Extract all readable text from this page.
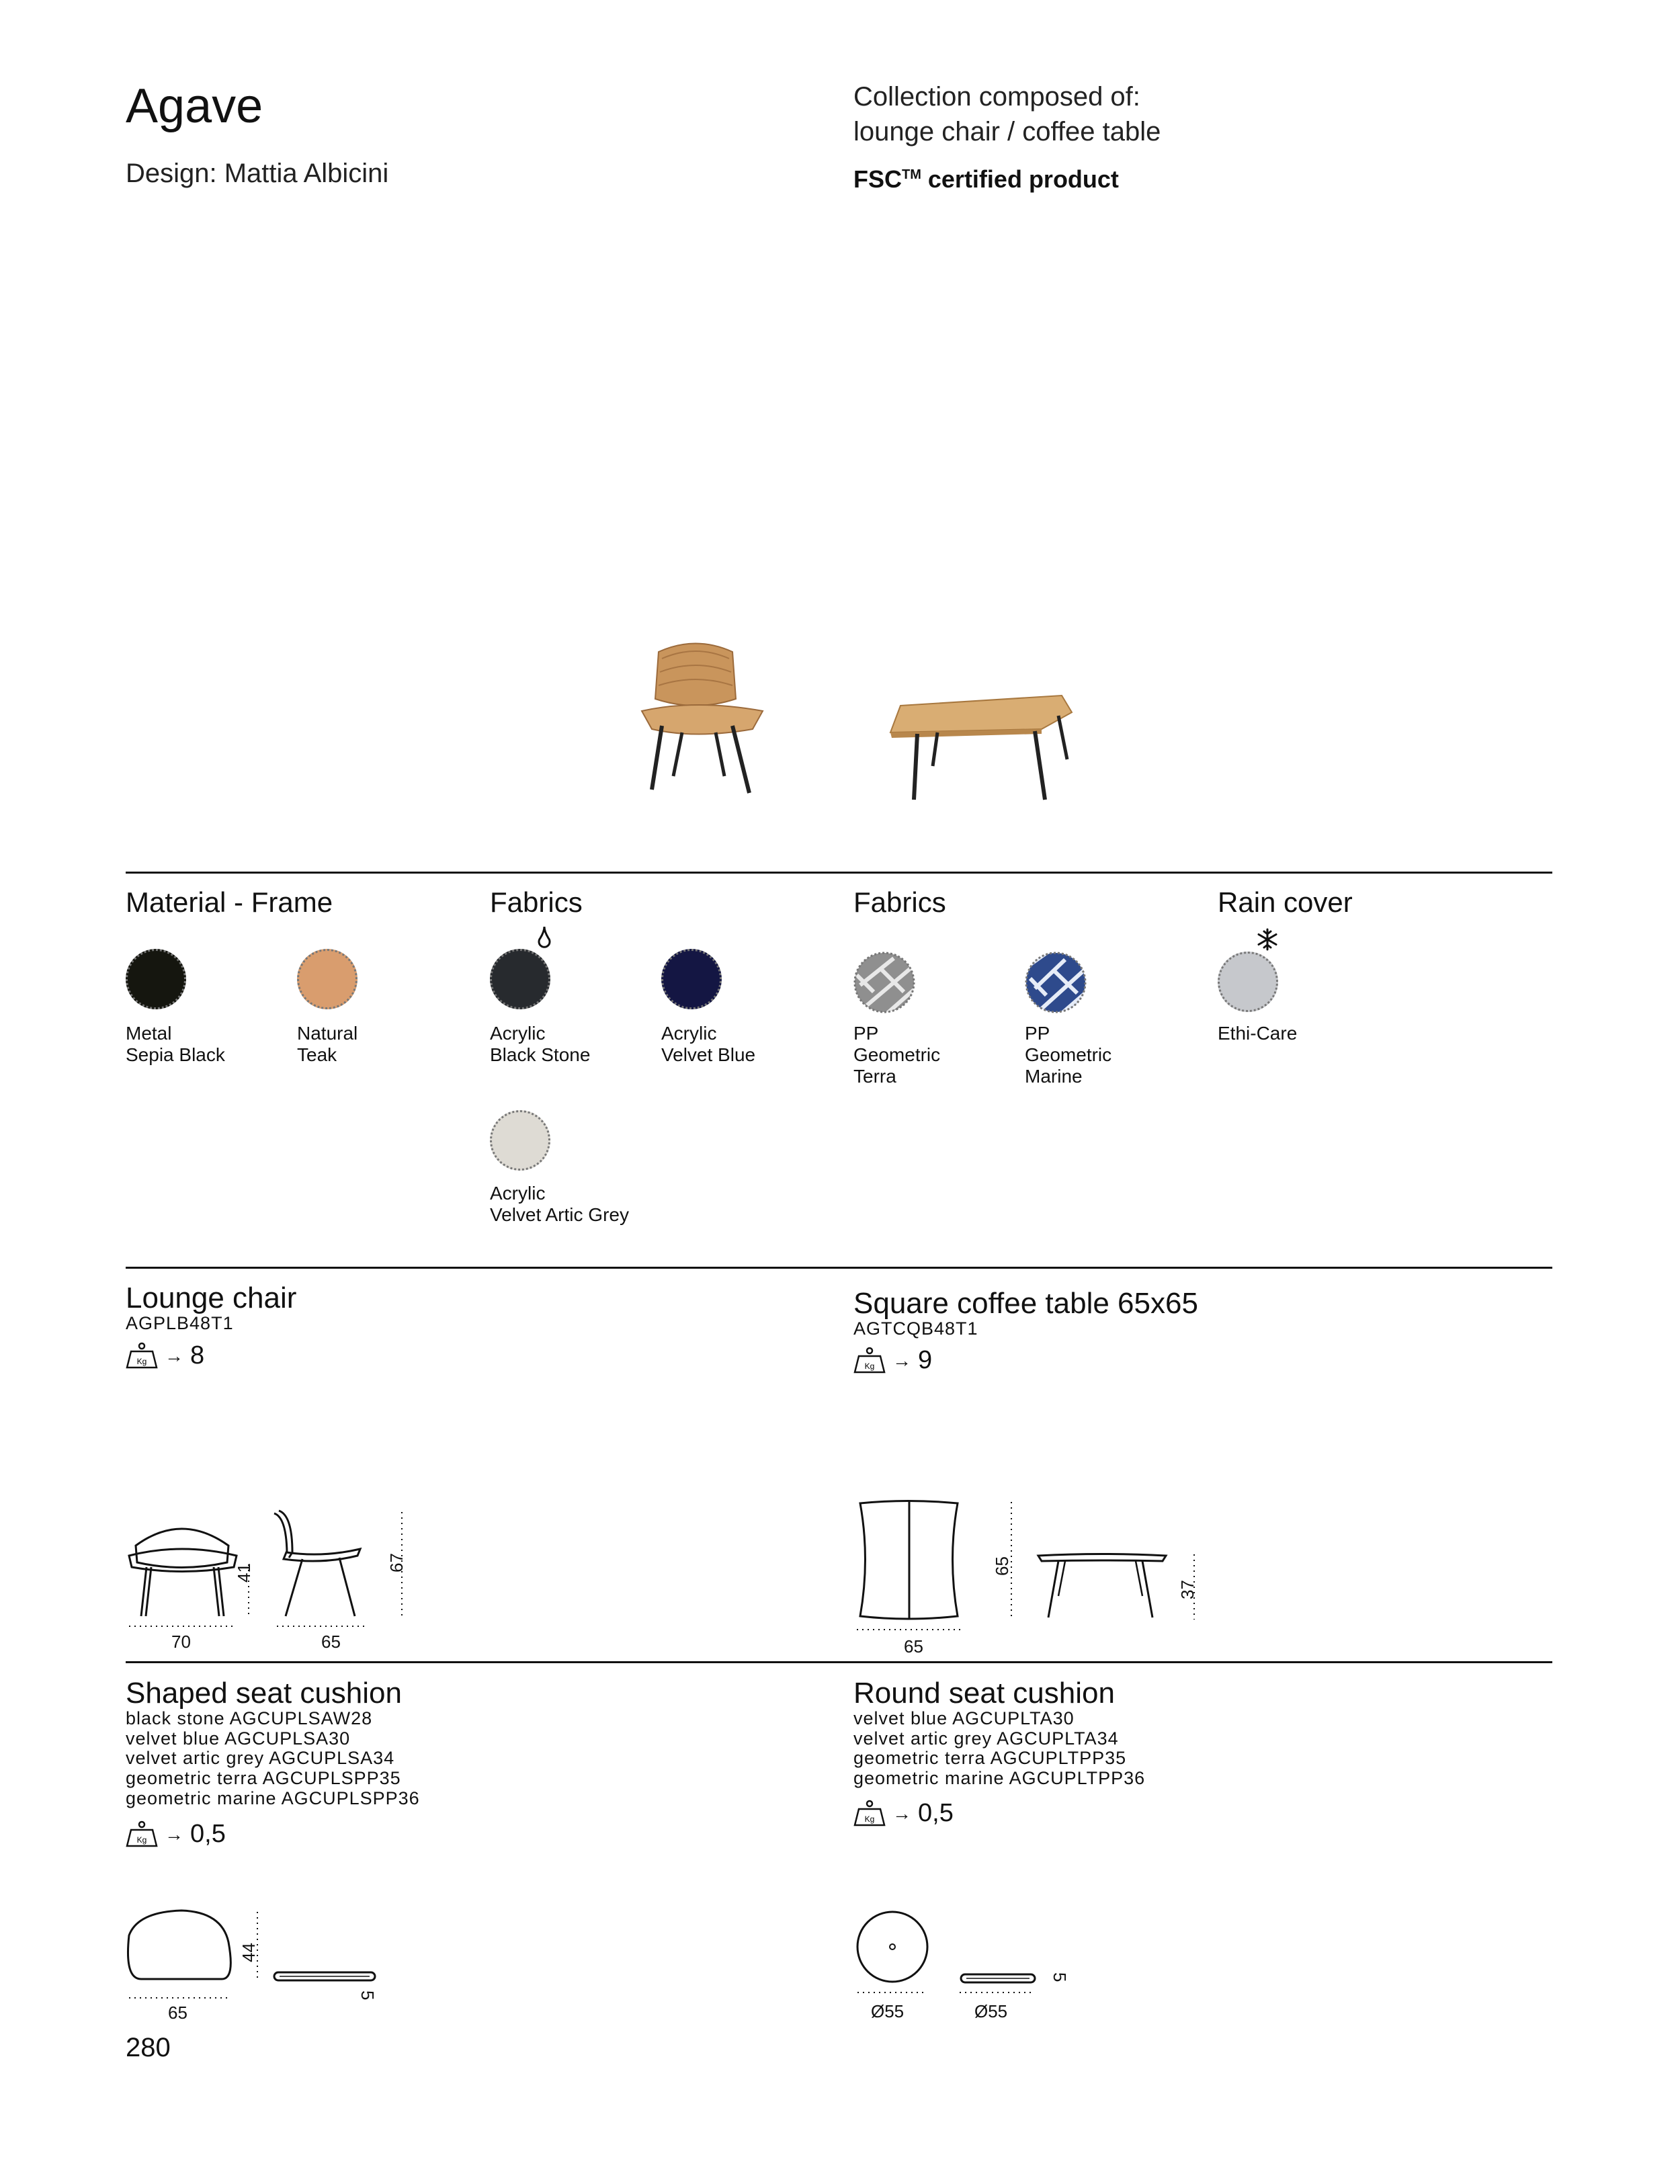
Agave
Design: Mattia Albicini
Collection composed of:
lounge chair / coffee table
FSC™ certified product
Material - Frame	Fabrics	Fabrics	Rain cover
Metal
Sepia Black
Natural
Teak
Acrylic
Black Stone
Acrylic
Velvet Blue
Acrylic
Velvet Artic Grey
PP
Geometric
Terra
PP
Geometric
Marine
Ethi-Care
Lounge chair
AGPLB48T1
Kg → 8
70	65
41
67
Square coffee table 65x65
AGTCQB48T1
Kg → 9
65
65
37
Shaped seat cushion
black stone AGCUPLSAW28
velvet blue AGCUPLSA30
velvet artic grey AGCUPLSA34
geometric terra AGCUPLSPP35
geometric marine AGCUPLSPP36
Kg → 0,5
65
44
5
Round seat cushion
velvet blue AGCUPLTA30
velvet artic grey AGCUPLTA34
geometric terra AGCUPLTPP35
geometric marine AGCUPLTPP36
Kg → 0,5
Ø55	Ø55
5
280
